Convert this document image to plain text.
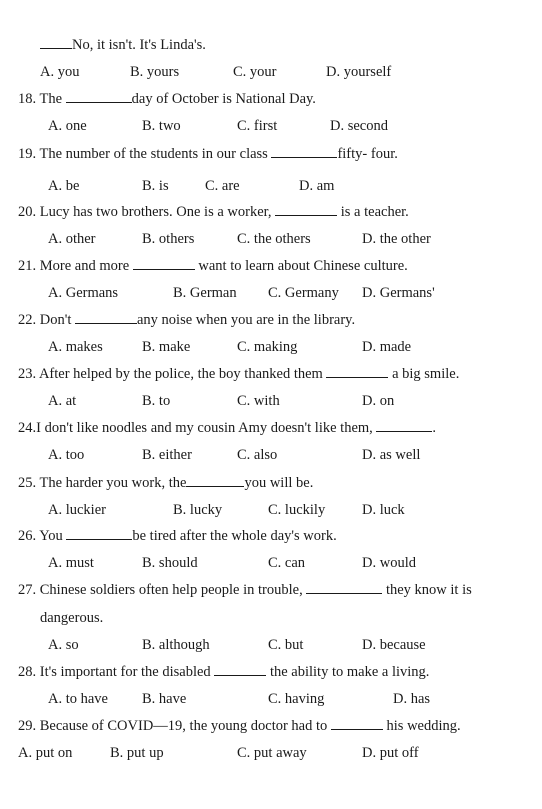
No, it isn't. It's Linda's.
A. you	B. yours	C. your	D. yourself
18. The	day of October is National Day.
A. one	B. two	C. first	D. second
19. The number of the students in our class	fifty- four.
A. be	B. is	C. are	D. am
20. Lucy has two brothers. One is a worker,	is a teacher.
A. other	B. others	C. the others	D. the other
21. More and more	want to learn about Chinese culture.
A. Germans	B. German C. Germany D. Germans'
22. Don't	any noise when you are in the library.
A. makes	B. make	C. making	D. made
23. After helped by the police, the boy thanked them	a big smile.
A. at	B. to	C. with	D. on
24.I don't like noodles and my cousin Amy doesn't like them,	.
A. too	B. either	C. also	D. as well
25. The harder you work, the	you will be.
A. luckier	B. lucky	C. luckily	D. luck
26. You	be tired after the whole day's work.
A. must	B. should	C. can	D. would
27. Chinese soldiers often help people in trouble,	they know it is
dangerous.
A. so	B. although	C. but	D. because
28. It's important for the disabled	the ability to make a living.
A. to have B. have	C. having	D. has
29. Because of COVID—19, the young doctor had to	his wedding.
A. put on	B. put up	C. put away	D. put off
